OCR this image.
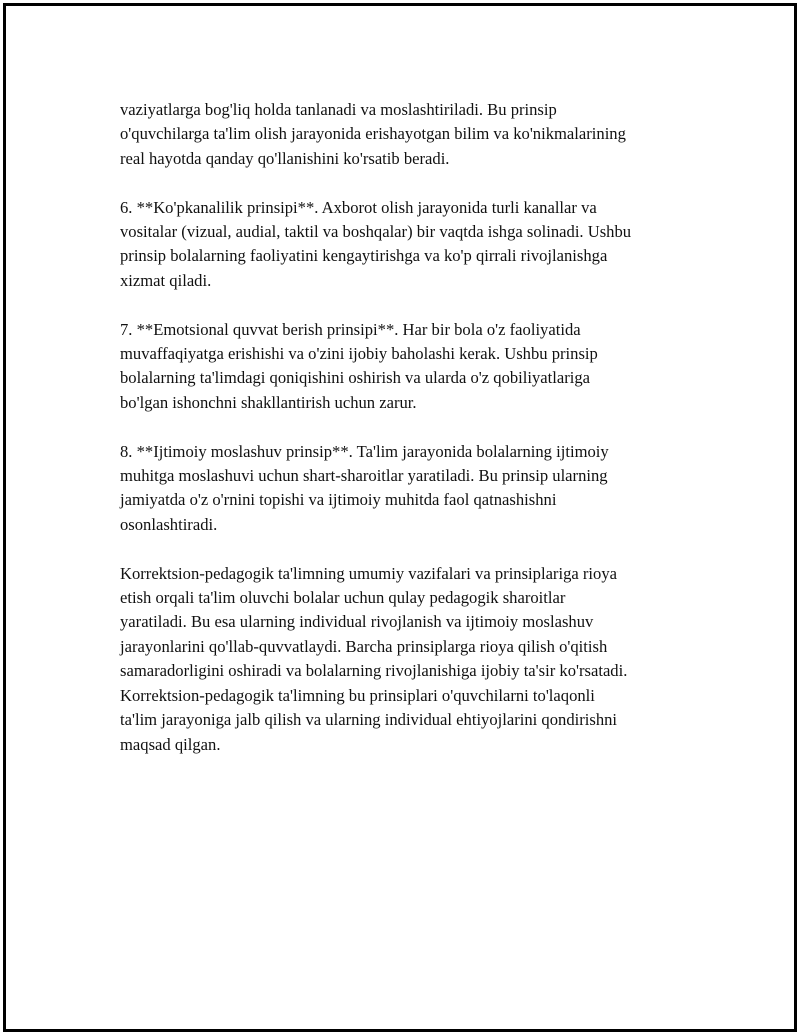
vaziyatlarga bog'liq holda tanlanadi va moslashtiriladi. Bu prinsip
o'quvchilarga ta'lim olish jarayonida erishayotgan bilim va ko'nikmalarining
real hayotda qanday qo'llanishini ko'rsatib beradi.

6. **Ko'pkanalilik prinsipi**. Axborot olish jarayonida turli kanallar va
vositalar (vizual, audial, taktil va boshqalar) bir vaqtda ishga solinadi. Ushbu
prinsip bolalarning faoliyatini kengaytirishga va ko'p qirrali rivojlanishga
xizmat qiladi.

7. **Emotsional quvvat berish prinsipi**. Har bir bola o'z faoliyatida
muvaffaqiyatga erishishi va o'zini ijobiy baholashi kerak. Ushbu prinsip
bolalarning ta'limdagi qoniqishini oshirish va ularda o'z qobiliyatlariga
bo'lgan ishonchni shakllantirish uchun zarur.

8. **Ijtimoiy moslashuv prinsip**. Ta'lim jarayonida bolalarning ijtimoiy
muhitga moslashuvi uchun shart-sharoitlar yaratiladi. Bu prinsip ularning
jamiyatda o'z o'rnini topishi va ijtimoiy muhitda faol qatnashishni
osonlashtiradi.

Korrektsion-pedagogik ta'limning umumiy vazifalari va prinsiplariga rioya
etish orqali ta'lim oluvchi bolalar uchun qulay pedagogik sharoitlar
yaratiladi. Bu esa ularning individual rivojlanish va ijtimoiy moslashuv
jarayonlarini qo'llab-quvvatlaydi. Barcha prinsiplarga rioya qilish o'qitish
samaradorligini oshiradi va bolalarning rivojlanishiga ijobiy ta'sir ko'rsatadi.
Korrektsion-pedagogik ta'limning bu prinsiplari o'quvchilarni to'laqonli
ta'lim jarayoniga jalb qilish va ularning individual ehtiyojlarini qondirishni
maqsad qilgan.
